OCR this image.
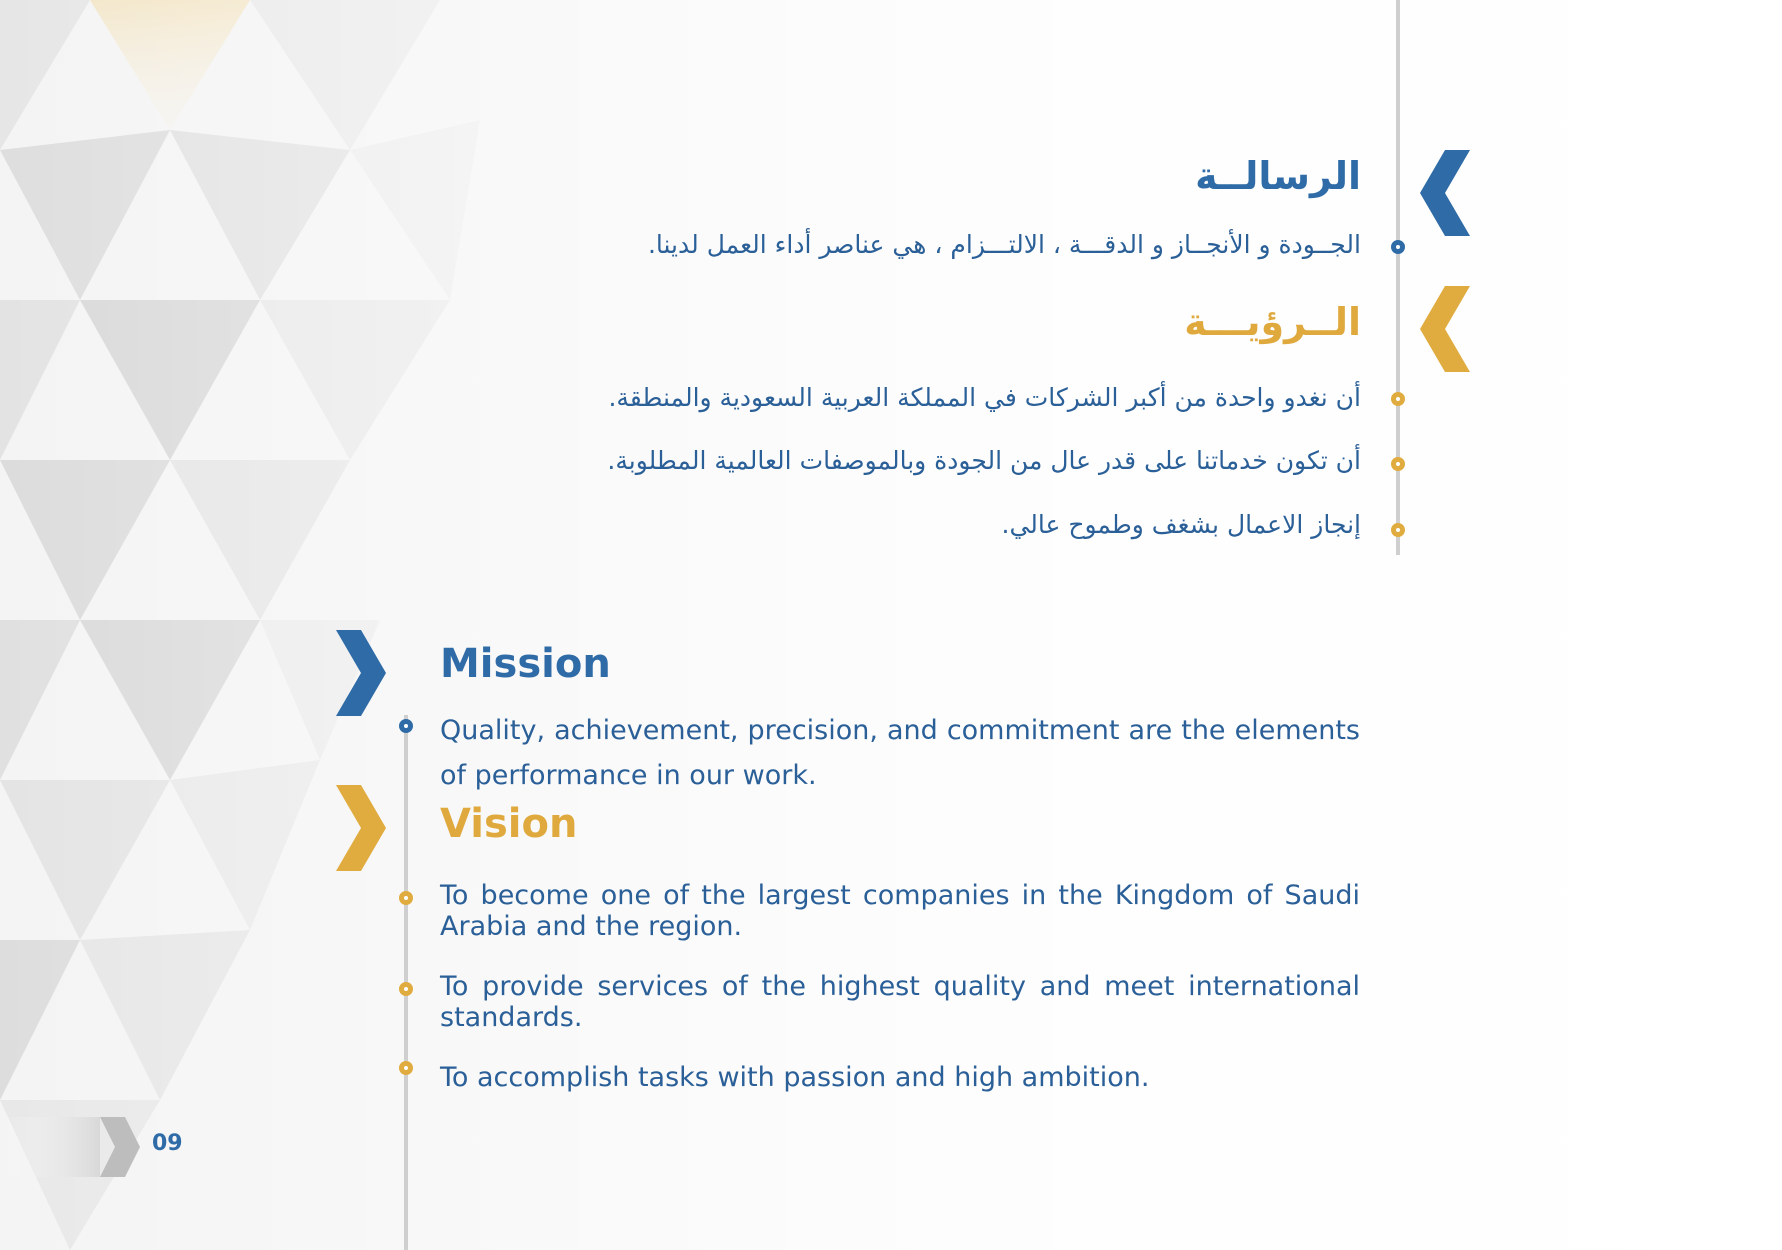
الرسالــة
الجــودة و الأنجــاز و الدقـــة ، الالتـــزام ، هي عناصر أداء العمل لدينا.
الــرؤيـــة
أن نغدو واحدة من أكبر الشركات في المملكة العربية السعودية والمنطقة.
أن تكون خدماتنا على قدر عال من الجودة وبالموصفات العالمية المطلوبة.
إنجاز الاعمال بشغف وطموح عالي.
Mission
Quality, achievement, precision, and commitment are the elements of performance in our work.
Vision
To become one of the largest companies in the Kingdom of Saudi Arabia and the region.
To provide services of the highest quality and meet international standards.
To accomplish tasks with passion and high ambition.
09
